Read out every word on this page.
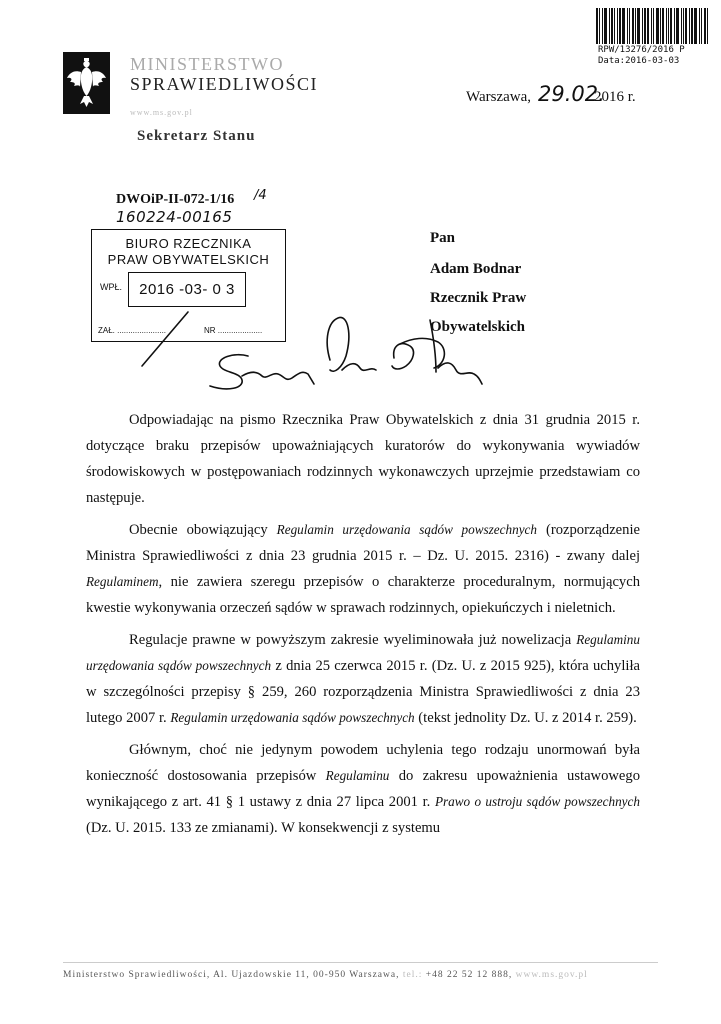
RPW/13276/2016 P
Data:2016-03-03
MINISTERSTWO
SPRAWIEDLIWOŚCI
www.ms.gov.pl
Sekretarz Stanu
Warszawa, 29.02.
2016 r.
DWOiP-II-072-1/16 /4
160224-00165
BIURO RZECZNIKA
PRAW OBYWATELSKICH
WPŁ.	2016 -03- 0 3
ZAŁ. ......................	NR ....................
Pan
Adam Bodnar
Rzecznik Praw
Obywatelskich

Odpowiadając na pismo Rzecznika Praw Obywatelskich z dnia 31 grudnia 2015 r. dotyczące braku przepisów upoważniających kuratorów do wykonywania wywiadów środowiskowych w postępowaniach rodzinnych wykonawczych uprzejmie przedstawiam co następuje.

Obecnie obowiązujący Regulamin urzędowania sądów powszechnych (rozporządzenie Ministra Sprawiedliwości z dnia 23 grudnia 2015 r. – Dz. U. 2015. 2316) - zwany dalej Regulaminem, nie zawiera szeregu przepisów o charakterze proceduralnym, normujących kwestie wykonywania orzeczeń sądów w sprawach rodzinnych, opiekuńczych i nieletnich.

Regulacje prawne w powyższym zakresie wyeliminowała już nowelizacja Regulaminu urzędowania sądów powszechnych z dnia 25 czerwca 2015 r. (Dz. U. z 2015 925), która uchyliła w szczególności przepisy § 259, 260 rozporządzenia Ministra Sprawiedliwości z dnia 23 lutego 2007 r. Regulamin urzędowania sądów powszechnych (tekst jednolity Dz. U. z 2014 r. 259).

Głównym, choć nie jedynym powodem uchylenia tego rodzaju unormowań była konieczność dostosowania przepisów Regulaminu do zakresu upoważnienia ustawowego wynikającego z art. 41 § 1 ustawy z dnia 27 lipca 2001 r. Prawo o ustroju sądów powszechnych (Dz. U. 2015. 133 ze zmianami). W konsekwencji z systemu

Ministerstwo Sprawiedliwości, Al. Ujazdowskie 11, 00-950 Warszawa, tel.: +48 22 52 12 888, www.ms.gov.pl
